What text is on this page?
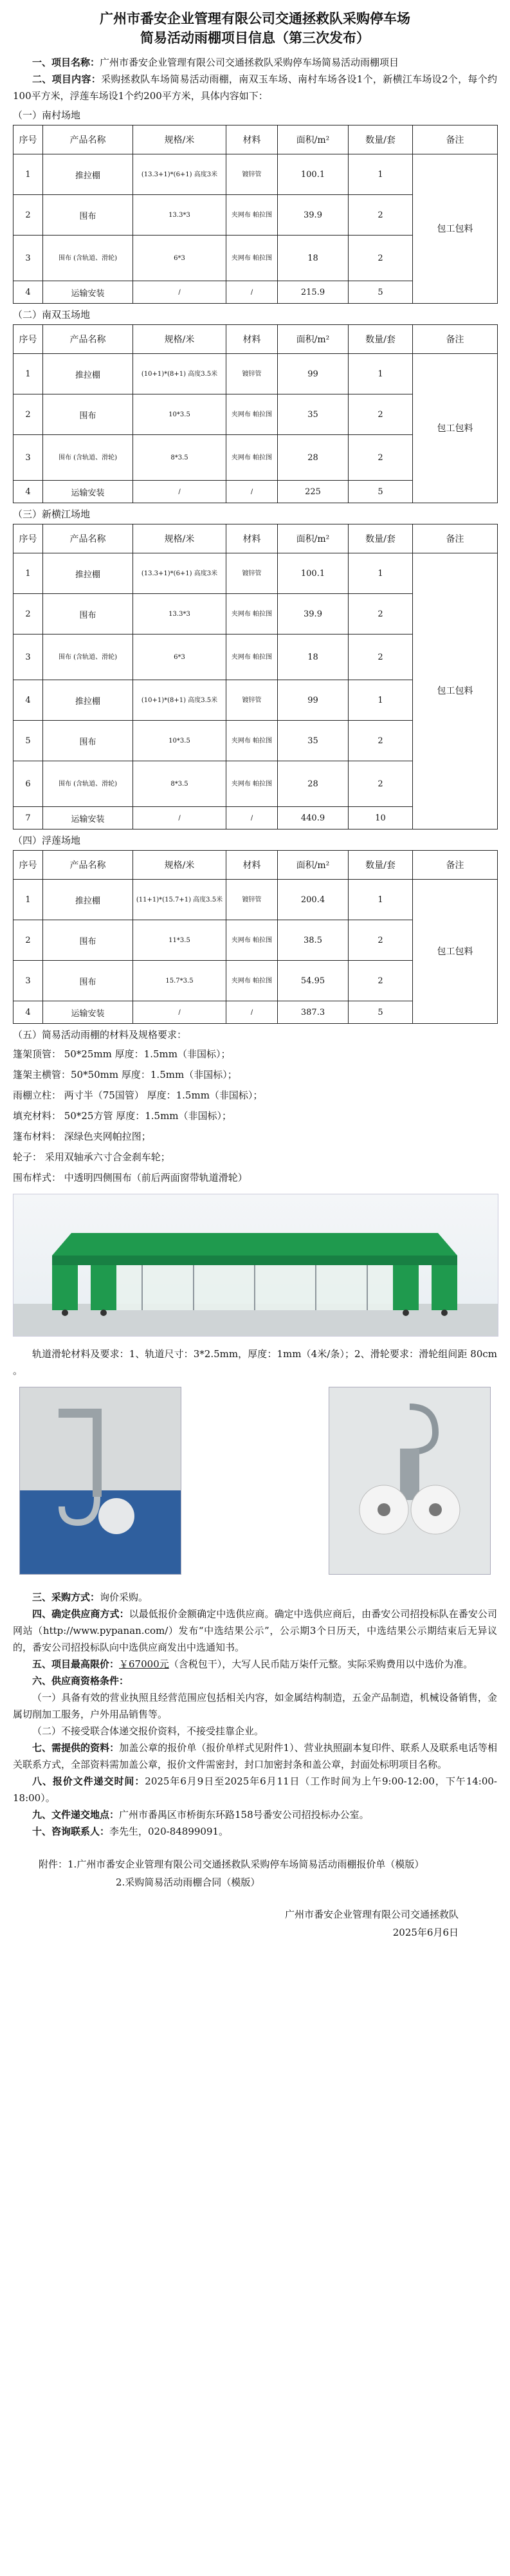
广州市番安企业管理有限公司交通拯救队采购停车场
简易活动雨棚项目信息（第三次发布）

一、项目名称：广州市番安企业管理有限公司交通拯救队采购停车场简易活动雨棚项目

二、项目内容：采购拯救队车场简易活动雨棚，南双玉车场、南村车场各设1个，新横江车场设2个，每个约100平方米，浮莲车场设1个约200平方米，具体内容如下：

（一）南村场地
序号	产品名称	规格/米	材料	面积/m²	数量/套	备注
1	推拉棚	(13.3+1)*(6+1) 高度3米	镀锌管	100.1	1	包工包料
2	围布	13.3*3	夹网布 帕拉图	39.9	2	
3	围布 (含轨道、滑轮)	6*3	夹网布 帕拉图	18	2	
4	运输安装	/	/	215.9	5	
（二）南双玉场地
序号	产品名称	规格/米	材料	面积/m²	数量/套	备注
1	推拉棚	(10+1)*(8+1) 高度3.5米	镀锌管	99	1	包工包料
2	围布	10*3.5	夹网布 帕拉图	35	2	
3	围布 (含轨道、滑轮)	8*3.5	夹网布 帕拉图	28	2	
4	运输安装	/	/	225	5	
（三）新横江场地
序号	产品名称	规格/米	材料	面积/m²	数量/套	备注
1	推拉棚	(13.3+1)*(6+1) 高度3米	镀锌管	100.1	1	包工包料
2	围布	13.3*3	夹网布 帕拉图	39.9	2	
3	围布 (含轨道、滑轮)	6*3	夹网布 帕拉图	18	2	
4	推拉棚	(10+1)*(8+1) 高度3.5米	镀锌管	99	1	
5	围布	10*3.5	夹网布 帕拉图	35	2	
6	围布 (含轨道、滑轮)	8*3.5	夹网布 帕拉图	28	2	
7	运输安装	/	/	440.9	10	
（四）浮莲场地
序号	产品名称	规格/米	材料	面积/m²	数量/套	备注
1	推拉棚	(11+1)*(15.7+1) 高度3.5米	镀锌管	200.4	1	包工包料
2	围布	11*3.5	夹网布 帕拉图	38.5	2	
3	围布	15.7*3.5	夹网布 帕拉图	54.95	2	
4	运输安装	/	/	387.3	5	
（五）简易活动雨棚的材料及规格要求：
篷架顶管： 50*25mm 厚度：1.5mm（非国标）；
篷架主横管：50*50mm 厚度：1.5mm（非国标）；
雨棚立柱： 两寸半（75国管） 厚度：1.5mm（非国标）；
填充材料： 50*25方管 厚度：1.5mm（非国标）；
篷布材料： 深绿色夹网帕拉图；
轮子： 采用双轴承六寸合金刹车轮；
围布样式： 中透明四侧围布（前后两面窗带轨道滑轮）

轨道滑轮材料及要求：1、轨道尺寸：3*2.5mm，厚度：1mm（4米/条）；2、滑轮要求：滑轮组间距 80cm 。

三、采购方式：询价采购。

四、确定供应商方式：以最低报价金额确定中选供应商。确定中选供应商后，由番安公司招投标队在番安公司网站（http://www.pypanan.com/）发布“中选结果公示”，公示期3个日历天，中选结果公示期结束后无异议的，番安公司招投标队向中选供应商发出中选通知书。

五、项目最高限价：￥67000元（含税包干），大写人民币陆万柒仟元整。实际采购费用以中选价为准。

六、供应商资格条件：

（一）具备有效的营业执照且经营范围应包括相关内容，如金属结构制造，五金产品制造，机械设备销售，金属切削加工服务，户外用品销售等。

（二）不接受联合体递交报价资料，不接受挂靠企业。

七、需提供的资料：加盖公章的报价单（报价单样式见附件1）、营业执照副本复印件、联系人及联系电话等相关联系方式，全部资料需加盖公章，报价文件需密封，封口加密封条和盖公章，封面处标明项目名称。

八、报价文件递交时间：2025年6月9日至2025年6月11日（工作时间为上午9:00-12:00，下午14:00-18:00）。

九、文件递交地点：广州市番禺区市桥街东环路158号番安公司招投标办公室。

十、咨询联系人：李先生，020-84899091。

附件：1.广州市番安企业管理有限公司交通拯救队采购停车场简易活动雨棚报价单（模版）
2.采购简易活动雨棚合同（模版）
广州市番安企业管理有限公司交通拯救队
2025年6月6日
